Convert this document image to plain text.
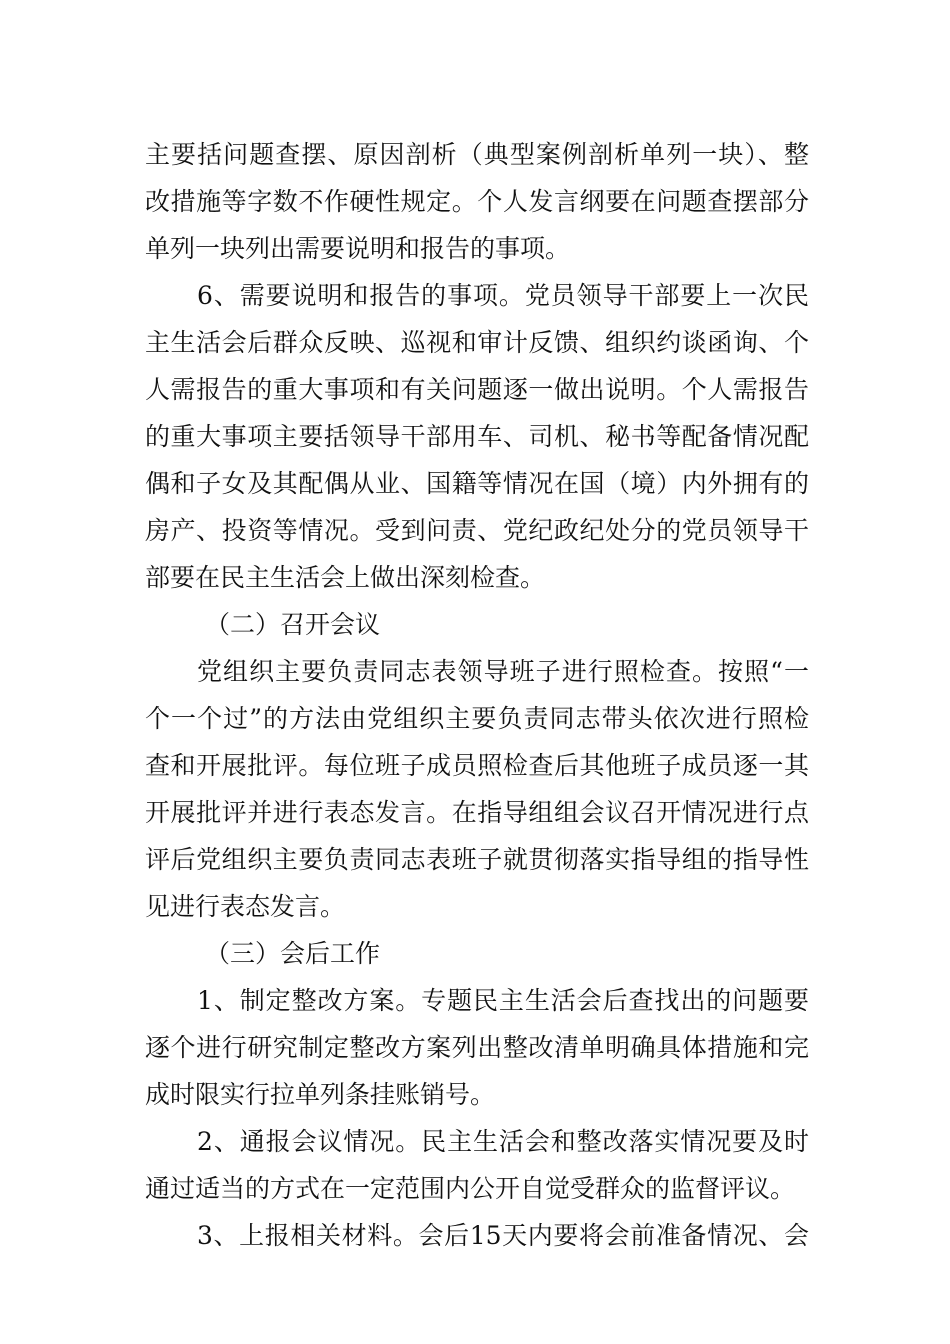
主要括问题查摆、原因剖析（典型案例剖析单列一块）、整
改措施等字数不作硬性规定。个人发言纲要在问题查摆部分
单列一块列出需要说明和报告的事项。
6、需要说明和报告的事项。党员领导干部要上一次民
主生活会后群众反映、巡视和审计反馈、组织约谈函询、个
人需报告的重大事项和有关问题逐一做出说明。个人需报告
的重大事项主要括领导干部用车、司机、秘书等配备情况配
偶和子女及其配偶从业、国籍等情况在国（境）内外拥有的
房产、投资等情况。受到问责、党纪政纪处分的党员领导干
部要在民主生活会上做出深刻检查。
（二）召开会议
党组织主要负责同志表领导班子进行照检查。按照“一
个一个过”的方法由党组织主要负责同志带头依次进行照检
查和开展批评。每位班子成员照检查后其他班子成员逐一其
开展批评并进行表态发言。在指导组组会议召开情况进行点
评后党组织主要负责同志表班子就贯彻落实指导组的指导性
见进行表态发言。
（三）会后工作
1、制定整改方案。专题民主生活会后查找出的问题要
逐个进行研究制定整改方案列出整改清单明确具体措施和完
成时限实行拉单列条挂账销号。
2、通报会议情况。民主生活会和整改落实情况要及时
通过适当的方式在一定范围内公开自觉受群众的监督评议。
3、上报相关材料。会后15天内要将会前准备情况、会
